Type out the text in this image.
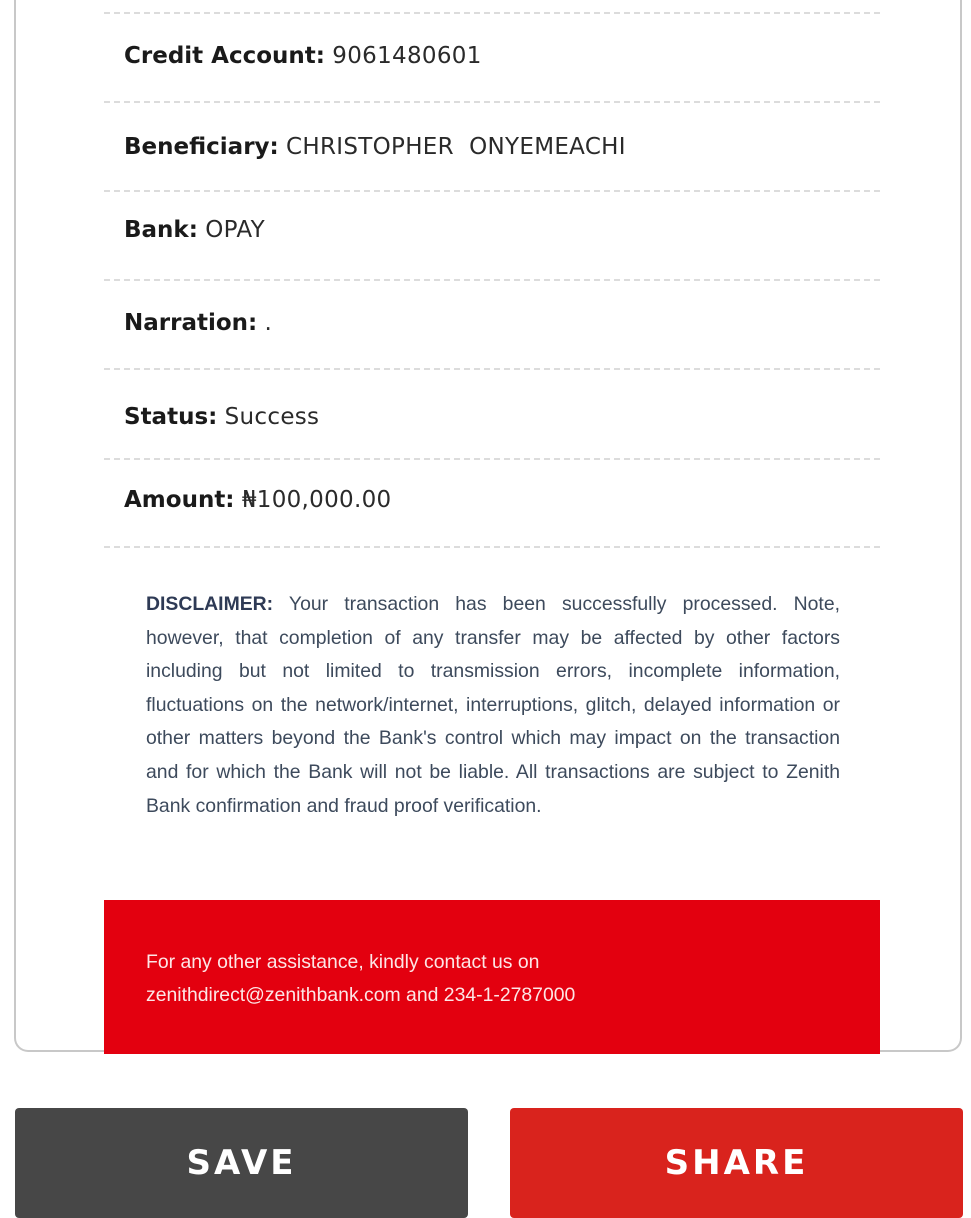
Credit Account: 9061480601
Beneficiary: CHRISTOPHER  ONYEMEACHI
Bank: OPAY
Narration: .
Status: Success
Amount: ₦100,000.00
DISCLAIMER: Your transaction has been successfully processed. Note, however, that completion of any transfer may be affected by other factors including but not limited to transmission errors, incomplete information, fluctuations on the network/internet, interruptions, glitch, delayed information or other matters beyond the Bank's control which may impact on the transaction and for which the Bank will not be liable. All transactions are subject to Zenith Bank confirmation and fraud proof verification.
For any other assistance, kindly contact us on
zenithdirect@zenithbank.com and 234-1-2787000
SAVE	SHARE
